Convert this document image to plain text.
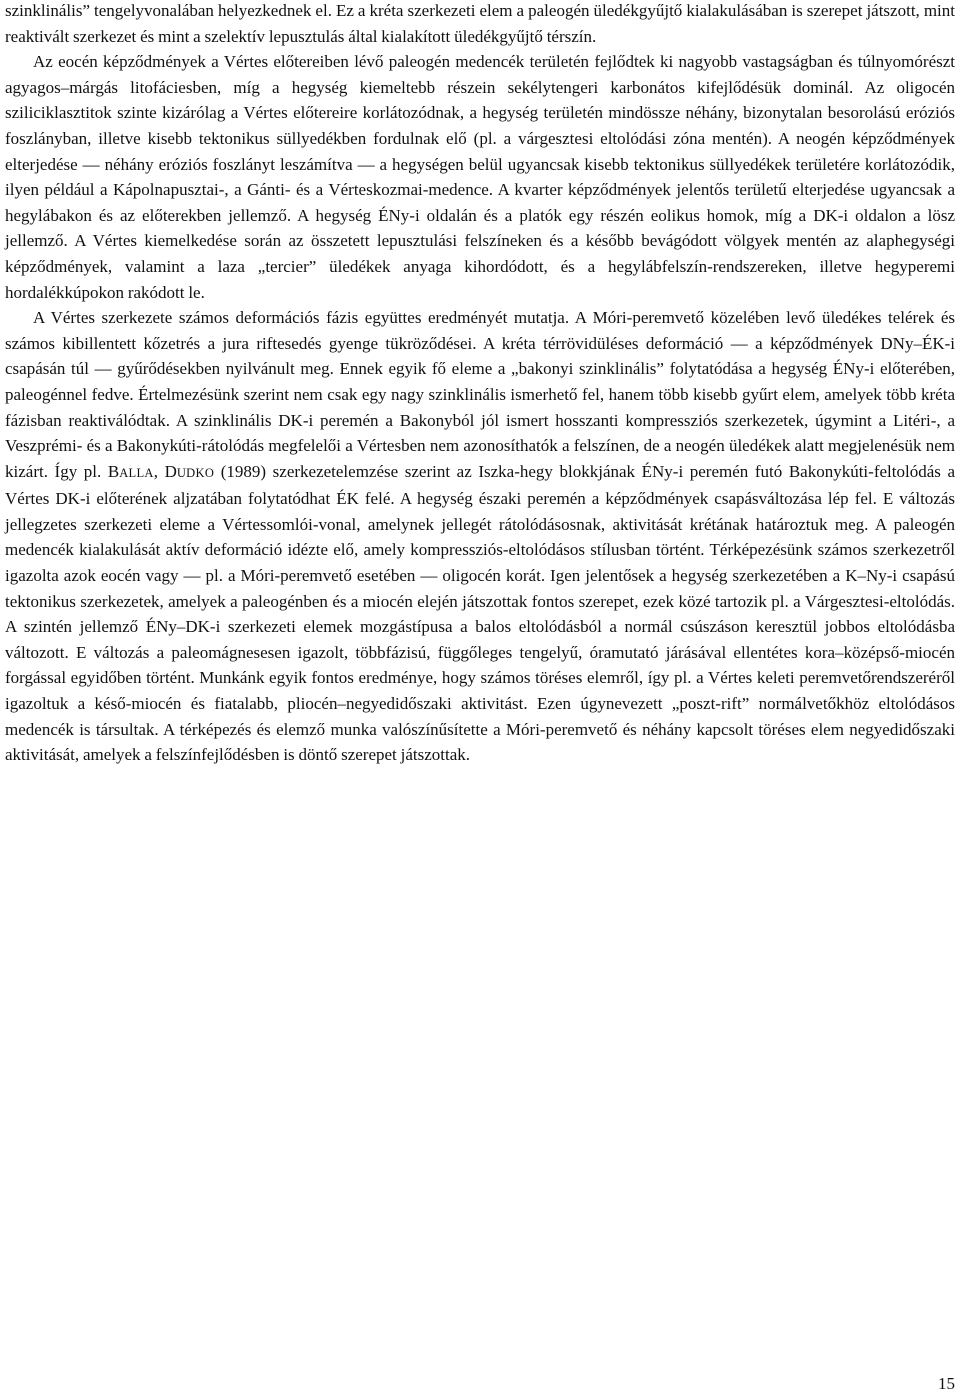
szinklinális” tengelyvonalában helyezkednek el. Ez a kréta szerkezeti elem a paleogén üledékgyűjtő kialakulásában is szerepet játszott, mint reaktivált szerkezet és mint a szelektív lepusztulás által kialakított üledékgyűjtő térszín.

Az eocén képződmények a Vértes előtereiben lévő paleogén medencék területén fejlődtek ki nagyobb vastagságban és túlnyomórészt agyagos–márgás litofáciesben, míg a hegység kiemeltebb részein sekélytengeri karbonátos kifejlődésük dominál. Az oligocén sziliciklasztitok szinte kizárólag a Vértes előtereire korlátozódnak, a hegység területén mindössze néhány, bizonytalan besorolású eróziós foszlányban, illetve kisebb tektonikus süllyedékben fordulnak elő (pl. a várgesztesi eltolódási zóna mentén). A neogén képződmények elterjedése — néhány eróziós foszlányt leszámítva — a hegységen belül ugyancsak kisebb tektonikus süllyedékek területére korlátozódik, ilyen például a Kápolnapusztai-, a Gánti- és a Vérteskozmai-medence. A kvarter képződmények jelentős területű elterjedése ugyancsak a hegylábakon és az előterekben jellemző. A hegység ÉNy-i oldalán és a platók egy részén eolikus homok, míg a DK-i oldalon a lösz jellemző. A Vértes kiemelkedése során az összetett lepusztulási felszíneken és a később bevágódott völgyek mentén az alaphegységi képződmények, valamint a laza „tercier” üledékek anyaga kihordódott, és a hegylábfelszín-rendszereken, illetve hegyperemi hordalékkúpokon rakódott le.

A Vértes szerkezete számos deformációs fázis együttes eredményét mutatja. A Móri-peremvető közelében levő üledékes telérek és számos kibillentett kőzetrés a jura riftesedés gyenge tükröződései. A kréta térrövidüléses deformáció — a képződmények DNy–ÉK-i csapásán túl — gyűrődésekben nyilvánult meg. Ennek egyik fő eleme a „bakonyi szinklinális” folytatódása a hegység ÉNy-i előterében, paleogénnel fedve. Értelmezésünk szerint nem csak egy nagy szinklinális ismerhető fel, hanem több kisebb gyűrt elem, amelyek több kréta fázisban reaktiválódtak. A szinklinális DK-i peremén a Bakonyból jól ismert hosszanti kompressziós szerkezetek, úgymint a Litéri-, a Veszprémi- és a Bakonykúti-rátolódás megfelelői a Vértesben nem azonosíthatók a felszínen, de a neogén üledékek alatt megjelenésük nem kizárt. Így pl. BALLA, DUDKO (1989) szerkezetelemzése szerint az Iszka-hegy blokkjának ÉNy-i peremén futó Bakonykúti-feltolódás a Vértes DK-i előterének aljzatában folytatódhat ÉK felé. A hegység északi peremén a képződmények csapásváltozása lép fel. E változás jellegzetes szerkezeti eleme a Vértessomlói-vonal, amelynek jellegét rátolódásosnak, aktivitását krétának határoztuk meg. A paleogén medencék kialakulását aktív deformáció idézte elő, amely kompressziós-eltolódásos stílusban történt. Térképezésünk számos szerkezetről igazolta azok eocén vagy — pl. a Móri-peremvető esetében — oligocén korát. Igen jelentősek a hegység szerkezetében a K–Ny-i csapású tektonikus szerkezetek, amelyek a paleogénben és a miocén elején játszottak fontos szerepet, ezek közé tartozik pl. a Várgesztesi-eltolódás. A szintén jellemző ÉNy–DK-i szerkezeti elemek mozgástípusa a balos eltolódásból a normál csúszáson keresztül jobbos eltolódásba változott. E változás a paleomágnesesen igazolt, többfázisú, függőleges tengelyű, óramutató járásával ellentétes kora–középső-miocén forgással egyidőben történt. Munkánk egyik fontos eredménye, hogy számos töréses elemről, így pl. a Vértes keleti peremvetőrendszeréről igazoltuk a késő-miocén és fiatalabb, pliocén–negyedidőszaki aktivitást. Ezen úgynevezett „poszt-rift” normálvetőkhöz eltolódásos medencék is társultak. A térképezés és elemző munka valószínűsítette a Móri-peremvető és néhány kapcsolt töréses elem negyedidőszaki aktivitását, amelyek a felszínfejlődésben is döntő szerepet játszottak.

15
